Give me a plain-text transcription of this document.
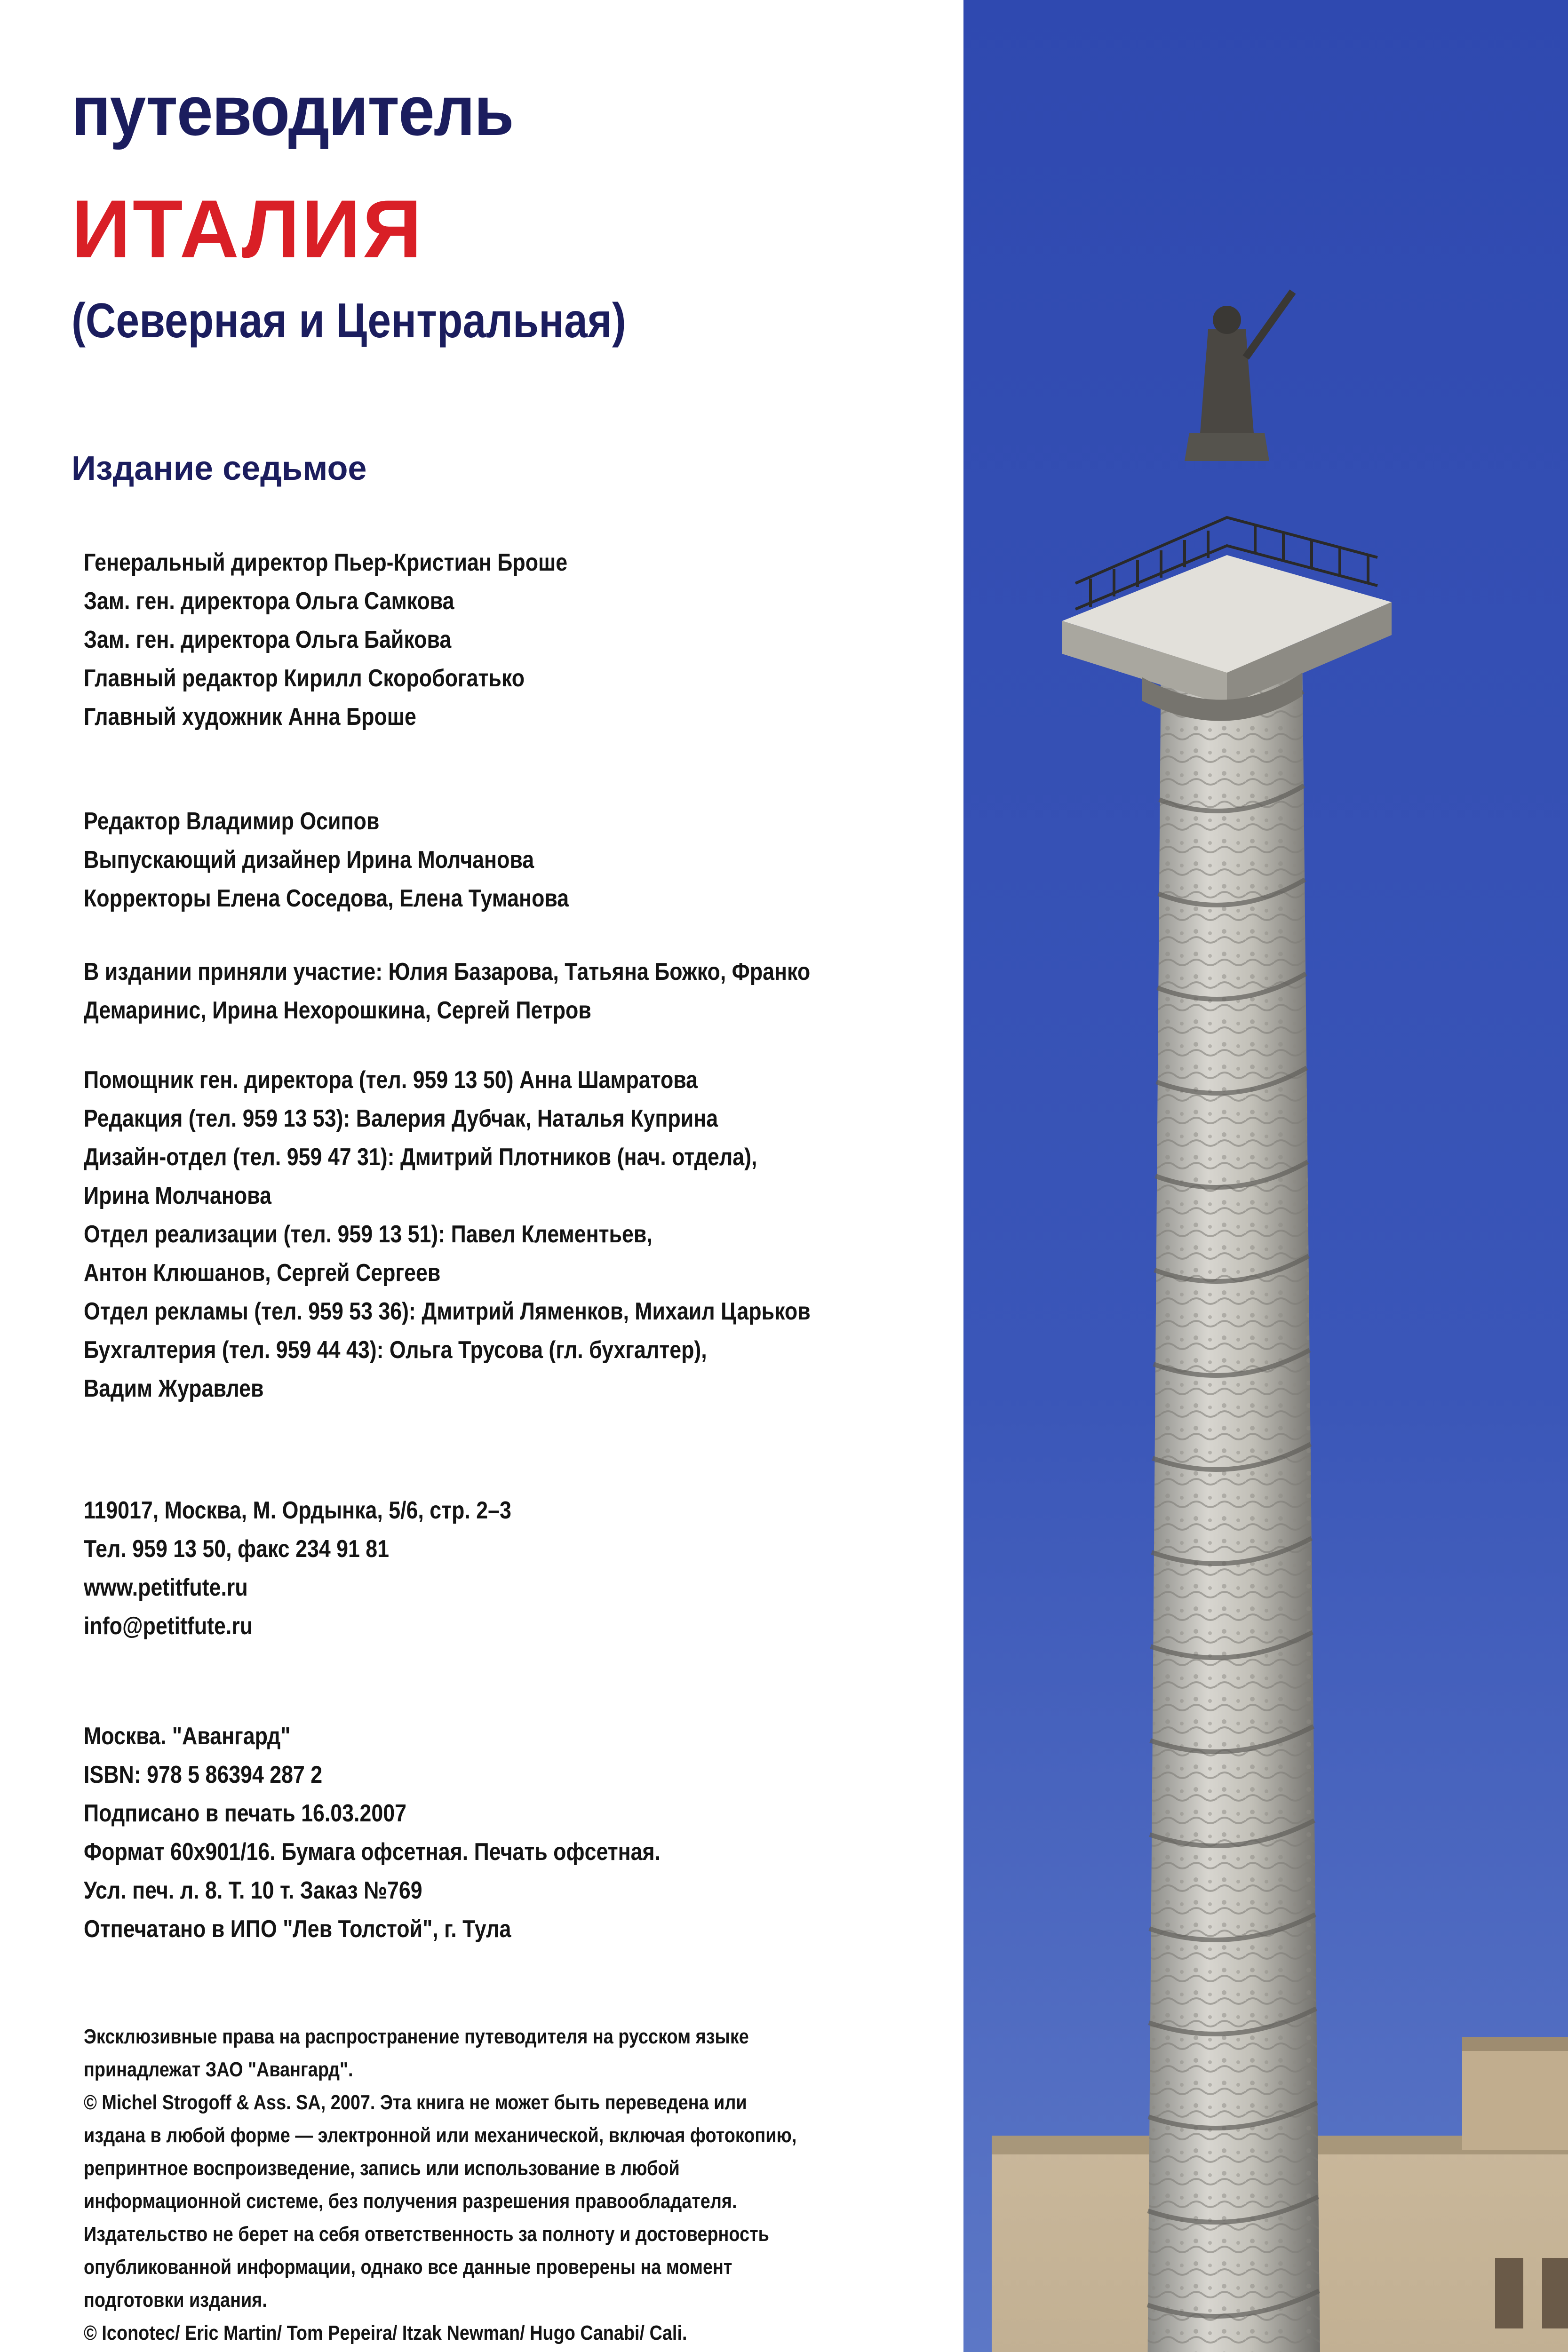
путеводитель
ИТАЛИЯ
(Северная и Центральная)
Издание седьмое
Генеральный директор Пьер-Кристиан Броше
Зам. ген. директора Ольга Самкова
Зам. ген. директора Ольга Байкова
Главный редактор Кирилл Скоробогатько
Главный художник Анна Броше
Редактор Владимир Осипов
Выпускающий дизайнер Ирина Молчанова
Корректоры Елена Соседова, Елена Туманова
В издании приняли участие: Юлия Базарова, Татьяна Божко, Франко
Демаринис, Ирина Нехорошкина, Сергей Петров
Помощник ген. директора (тел. 959 13 50) Анна Шамратова
Редакция (тел. 959 13 53): Валерия Дубчак, Наталья Куприна
Дизайн-отдел (тел. 959 47 31): Дмитрий Плотников (нач. отдела),
Ирина Молчанова
Отдел реализации (тел. 959 13 51): Павел Клементьев,
Антон Клюшанов, Сергей Сергеев
Отдел рекламы (тел. 959 53 36): Дмитрий Ляменков, Михаил Царьков
Бухгалтерия (тел. 959 44 43): Ольга Трусова (гл. бухгалтер),
Вадим Журавлев
119017, Москва, М. Ордынка, 5/6, стр. 2–3
Тел. 959 13 50, факс 234 91 81
www.petitfute.ru
info@petitfute.ru
Москва. "Авангард"
ISBN: 978 5 86394 287 2
Подписано в печать 16.03.2007
Формат 60x901/16. Бумага офсетная. Печать офсетная.
Усл. печ. л. 8. Т. 10 т. Заказ №769
Отпечатано в ИПО "Лев Толстой", г. Тула
Эксклюзивные права на распространение путеводителя на русском языке
принадлежат ЗАО "Авангард".
© Michel Strogoff & Ass. SA, 2007. Эта книга не может быть переведена или
издана в любой форме — электронной или механической, включая фотокопию,
репринтное воспроизведение, запись или использование в любой
информационной системе, без получения разрешения правообладателя.
Издательство не берет на себя ответственность за полноту и достоверность
опубликованной информации, однако все данные проверены на момент
подготовки издания.
© Iconotec/ Eric Martin/ Tom Pepeira/ Itzak Newman/ Hugo Canabi/ Cali.
